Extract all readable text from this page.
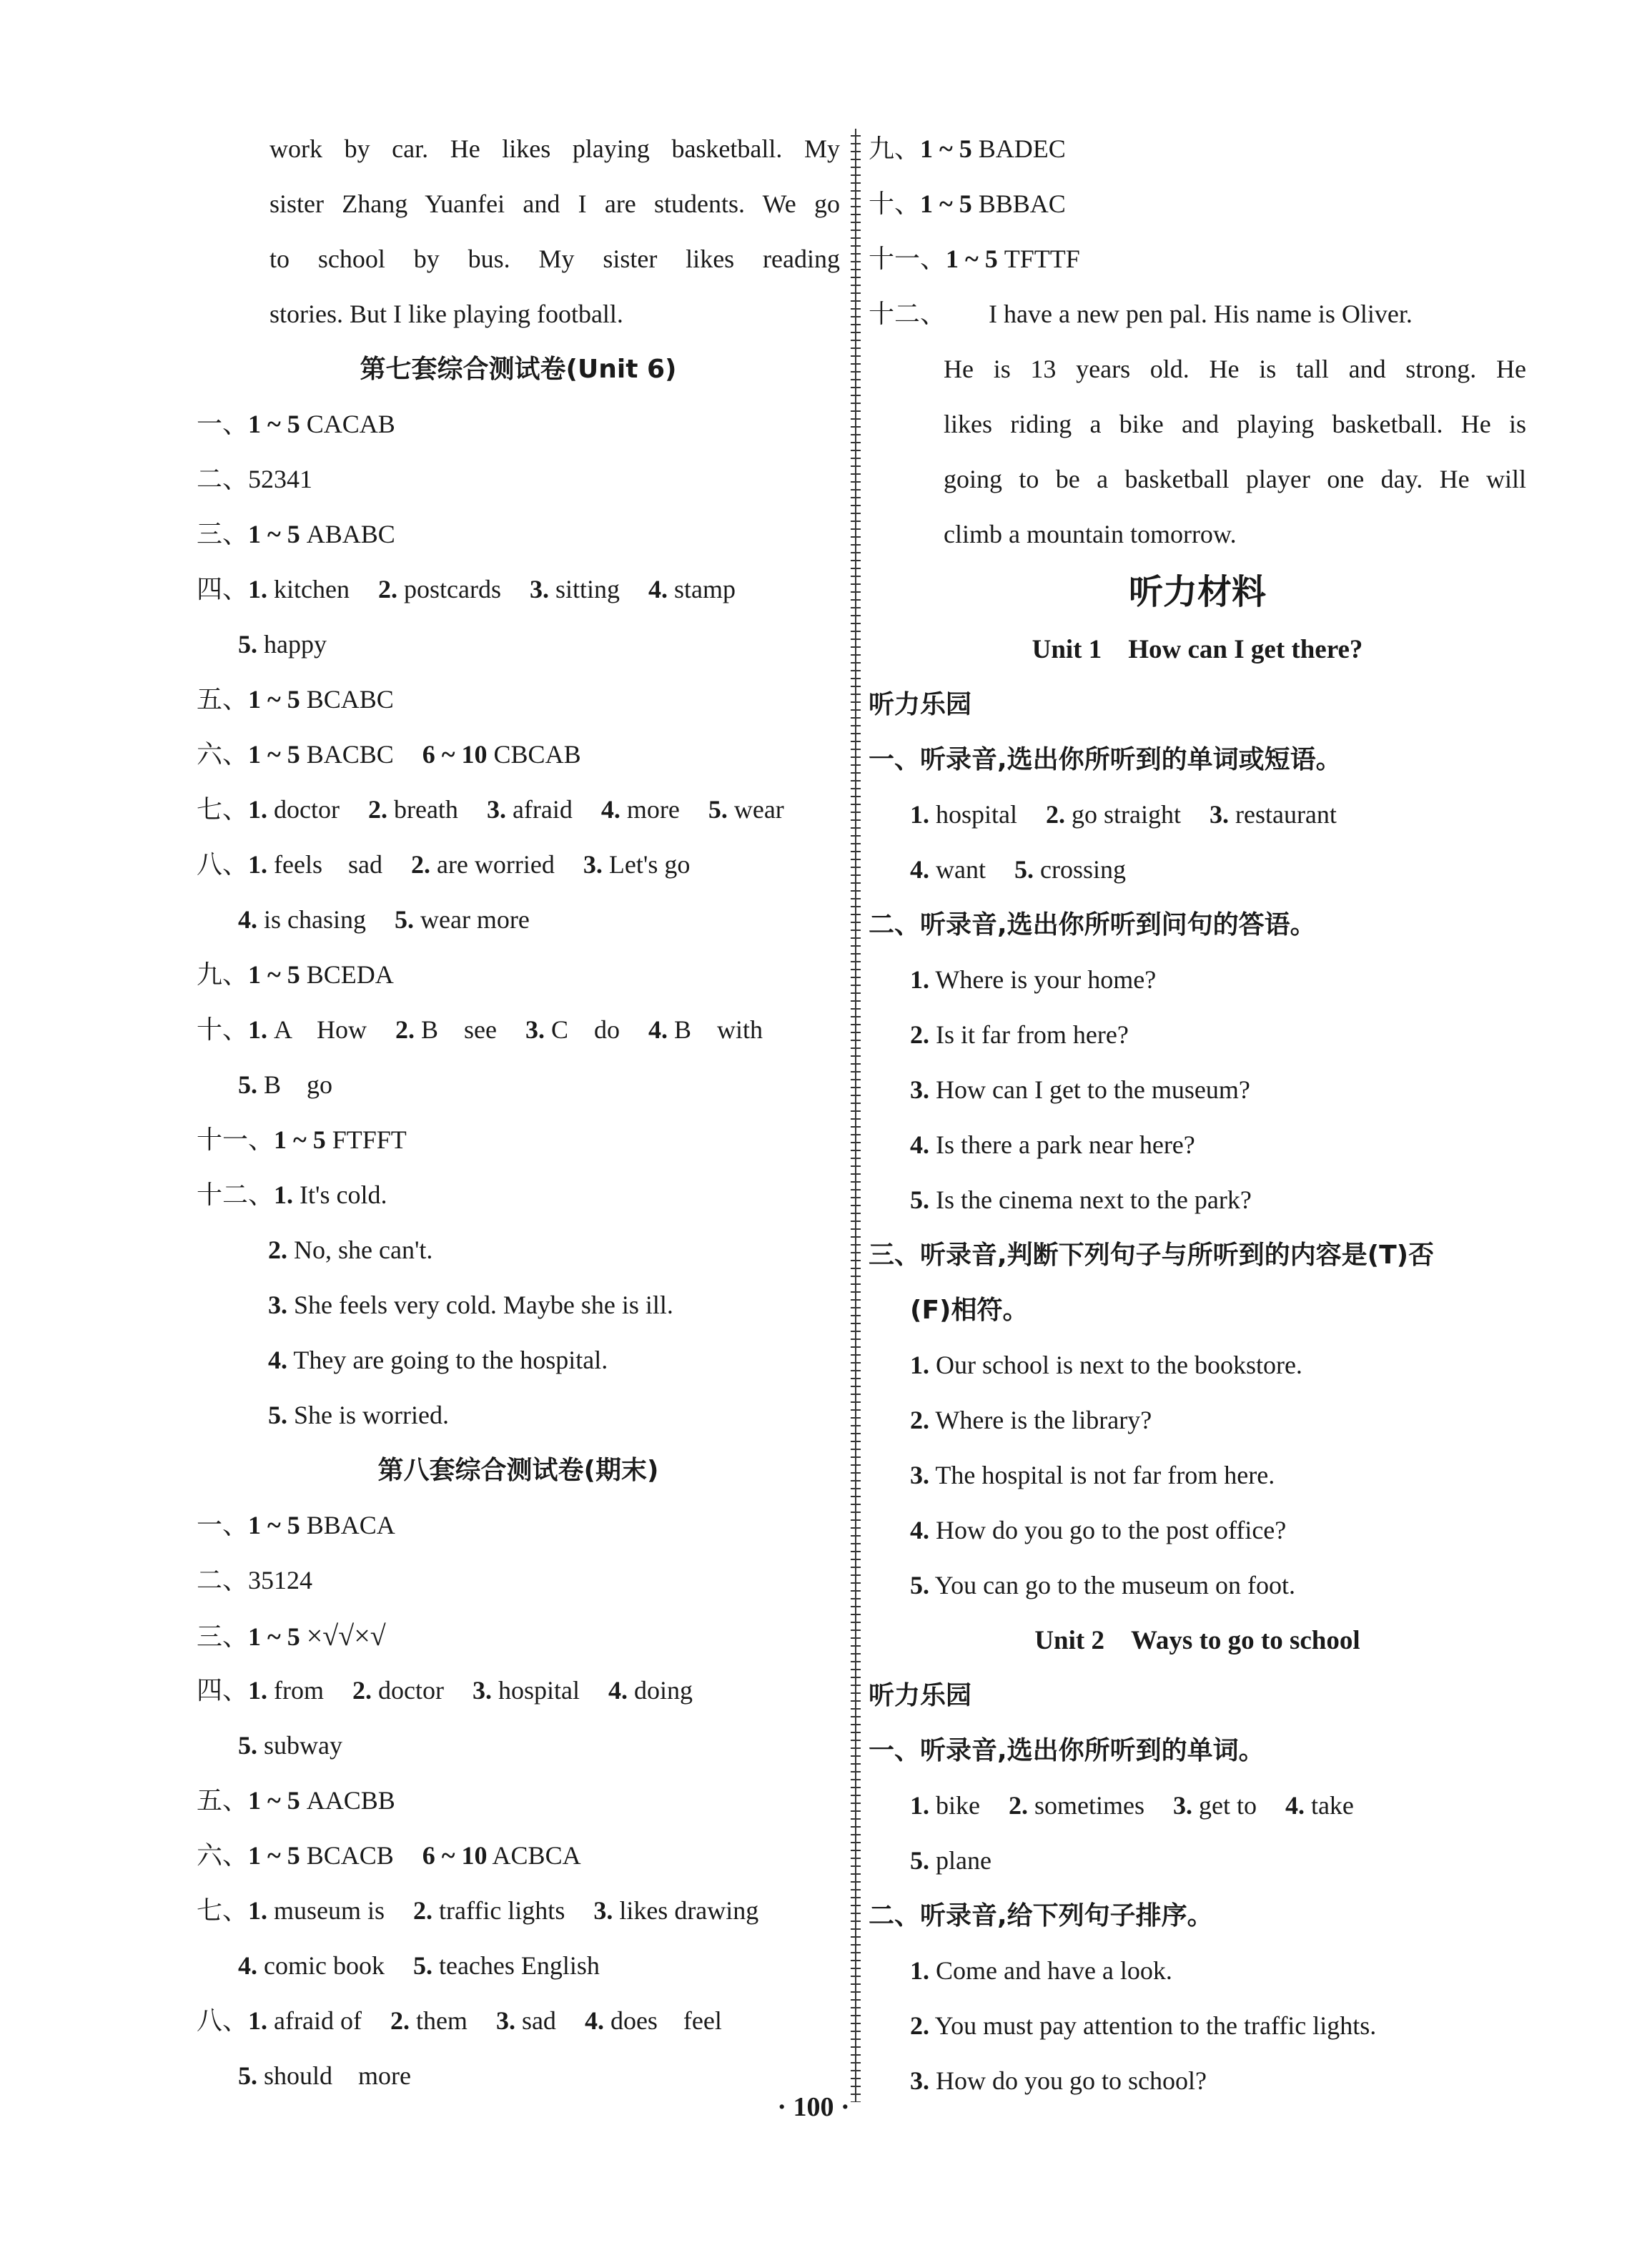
work by car. He likes playing basketball. My
sister Zhang Yuanfei and I are students. We go
to school by bus. My sister likes reading
stories. But I like playing football.
第七套综合测试卷(Unit 6)
一、1 ~ 5 CACAB
二、52341
三、1 ~ 5 ABABC
四、1. kitchen 2. postcards 3. sitting 4. stamp
5. happy
五、1 ~ 5 BCABC
六、1 ~ 5 BACBC 6 ~ 10 CBCAB
七、1. doctor 2. breath 3. afraid 4. more 5. wear
八、1. feels　sad 2. are worried 3. Let's go
4. is chasing 5. wear more
九、1 ~ 5 BCEDA
十、1. A　How 2. B　see 3. C　do 4. B　with
5. B　go
十一、1 ~ 5 FTFFT
十二、1. It's cold.
2. No, she can't.
3. She feels very cold. Maybe she is ill.
4. They are going to the hospital.
5. She is worried.
第八套综合测试卷(期末)
一、1 ~ 5 BBACA
二、35124
三、1 ~ 5 ×√√×√
四、1. from 2. doctor 3. hospital 4. doing
5. subway
五、1 ~ 5 AACBB
六、1 ~ 5 BCACB 6 ~ 10 ACBCA
七、1. museum is 2. traffic lights 3. likes drawing
4. comic book 5. teaches English
八、1. afraid of 2. them 3. sad 4. does　feel
5. should　more
九、1 ~ 5 BADEC
十、1 ~ 5 BBBAC
十一、1 ~ 5 TFTTF
十二、 I have a new pen pal. His name is Oliver.
He is 13 years old. He is tall and strong. He
likes riding a bike and playing basketball. He is
going to be a basketball player one day. He will
climb a mountain tomorrow.
听力材料
Unit 1　How can I get there?
听力乐园
一、听录音,选出你所听到的单词或短语。
1. hospital 2. go straight 3. restaurant
4. want 5. crossing
二、听录音,选出你所听到问句的答语。
1. Where is your home?
2. Is it far from here?
3. How can I get to the museum?
4. Is there a park near here?
5. Is the cinema next to the park?
三、听录音,判断下列句子与所听到的内容是(T)否
(F)相符。
1. Our school is next to the bookstore.
2. Where is the library?
3. The hospital is not far from here.
4. How do you go to the post office?
5. You can go to the museum on foot.
Unit 2　Ways to go to school
听力乐园
一、听录音,选出你所听到的单词。
1. bike 2. sometimes 3. get to 4. take
5. plane
二、听录音,给下列句子排序。
1. Come and have a look.
2. You must pay attention to the traffic lights.
3. How do you go to school?
· 100 ·
